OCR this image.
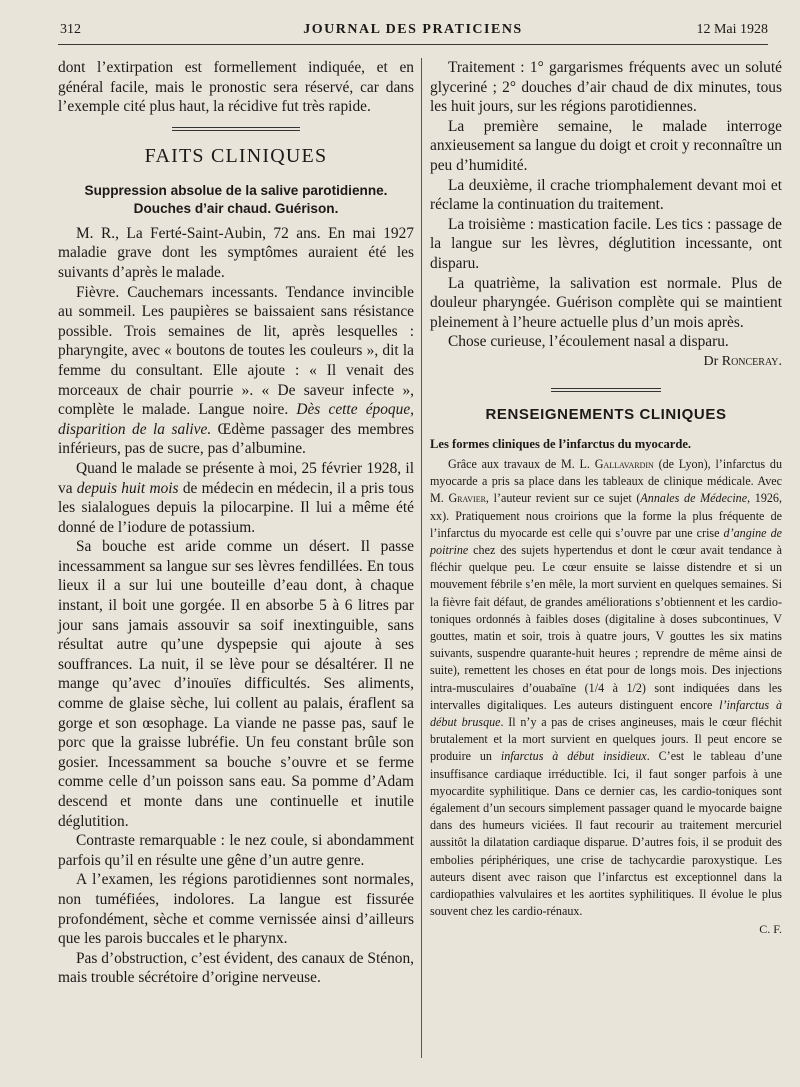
312	JOURNAL DES PRATICIENS	12 Mai 1928

dont l’extirpation est formellement indiquée, et en général facile, mais le pronostic sera réservé, car dans l’exemple cité plus haut, la récidive fut très rapide.

FAITS CLINIQUES
Suppression absolue de la salive parotidienne. Douches d’air chaud. Guérison.

M. R., La Ferté-Saint-Aubin, 72 ans. En mai 1927 maladie grave dont les symptômes auraient été les suivants d’après le malade.

Fièvre. Cauchemars incessants. Tendance invincible au sommeil. Les paupières se baissaient sans résistance possible. Trois semaines de lit, après lesquelles : pharyngite, avec « boutons de toutes les couleurs », dit la femme du consultant. Elle ajoute : « Il venait des morceaux de chair pourrie ». « De saveur infecte », complète le malade. Langue noire. Dès cette époque, disparition de la salive. Œdème passager des membres inférieurs, pas de sucre, pas d’albumine.

Quand le malade se présente à moi, 25 février 1928, il va depuis huit mois de médecin en médecin, il a pris tous les sialalogues depuis la pilocarpine. Il lui a même été donné de l’iodure de potassium.

Sa bouche est aride comme un désert. Il passe incessamment sa langue sur ses lèvres fendillées. En tous lieux il a sur lui une bouteille d’eau dont, à chaque instant, il boit une gorgée. Il en absorbe 5 à 6 litres par jour sans jamais assouvir sa soif inextinguible, sans résultat autre qu’une dyspepsie qui ajoute à ses souffrances. La nuit, il se lève pour se désaltérer. Il ne mange qu’avec d’inouïes difficultés. Ses aliments, comme de glaise sèche, lui collent au palais, éraflent sa gorge et son œsophage. La viande ne passe pas, sauf le porc que la graisse lubréfie. Un feu constant brûle son gosier. Incessamment sa bouche s’ouvre et se ferme comme celle d’un poisson sans eau. Sa pomme d’Adam descend et monte dans une continuelle et inutile déglutition.

Contraste remarquable : le nez coule, si abondamment parfois qu’il en résulte une gêne d’un autre genre.

A l’examen, les régions parotidiennes sont normales, non tuméfiées, indolores. La langue est fissurée profondément, sèche et comme vernissée ainsi d’ailleurs que les parois buccales et le pharynx.

Pas d’obstruction, c’est évident, des canaux de Sténon, mais trouble sécrétoire d’origine nerveuse.

Traitement : 1° gargarismes fréquents avec un soluté glyceriné ; 2° douches d’air chaud de dix minutes, tous les huit jours, sur les régions parotidiennes.

La première semaine, le malade interroge anxieusement sa langue du doigt et croit y reconnaître un peu d’humidité.

La deuxième, il crache triomphalement devant moi et réclame la continuation du traitement.

La troisième : mastication facile. Les tics : passage de la langue sur les lèvres, déglutition incessante, ont disparu.

La quatrième, la salivation est normale. Plus de douleur pharyngée. Guérison complète qui se maintient pleinement à l’heure actuelle plus d’un mois après.

Chose curieuse, l’écoulement nasal a disparu.

Dr Ronceray.
RENSEIGNEMENTS CLINIQUES
Les formes cliniques de l’infarctus du myocarde.

Grâce aux travaux de M. L. Gallavardin (de Lyon), l’infarctus du myocarde a pris sa place dans les tableaux de clinique médicale. Avec M. Gravier, l’auteur revient sur ce sujet (Annales de Médecine, 1926, xx). Pratiquement nous croirions que la forme la plus fréquente de l’infarctus du myocarde est celle qui s’ouvre par une crise d’angine de poitrine chez des sujets hypertendus et dont le cœur avait tendance à fléchir quelque peu. Le cœur ensuite se laisse distendre et si un mouvement fébrile s’en mêle, la mort survient en quelques semaines. Si la fièvre fait défaut, de grandes améliorations s’obtiennent et les cardio-toniques ordonnés à faibles doses (digitaline à doses subcontinues, V gouttes, matin et soir, trois à quatre jours, V gouttes les six matins suivants, suspendre quarante-huit heures ; reprendre de même ainsi de suite), remettent les choses en état pour de longs mois. Des injections intra-musculaires d’ouabaïne (1/4 à 1/2) sont indiquées dans les intervalles digitaliques. Les auteurs distinguent encore l’infarctus à début brusque. Il n’y a pas de crises angineuses, mais le cœur fléchit brutalement et la mort survient en quelques jours. Il peut encore se produire un infarctus à début insidieux. C’est le tableau d’une insuffisance cardiaque irréductible. Ici, il faut songer parfois à une myocardite syphilitique. Dans ce dernier cas, les cardio-toniques sont également d’un secours simplement passager quand le myocarde baigne dans des humeurs viciées. Il faut recourir au traitement mercuriel aussitôt la dilatation cardiaque disparue. D’autres fois, il se produit des embolies périphériques, une crise de tachycardie paroxystique. Les auteurs disent avec raison que l’infarctus est exceptionnel dans la cardiopathies valvulaires et les aortites syphilitiques. Il évolue le plus souvent chez les cardio-rénaux.

C. F.
